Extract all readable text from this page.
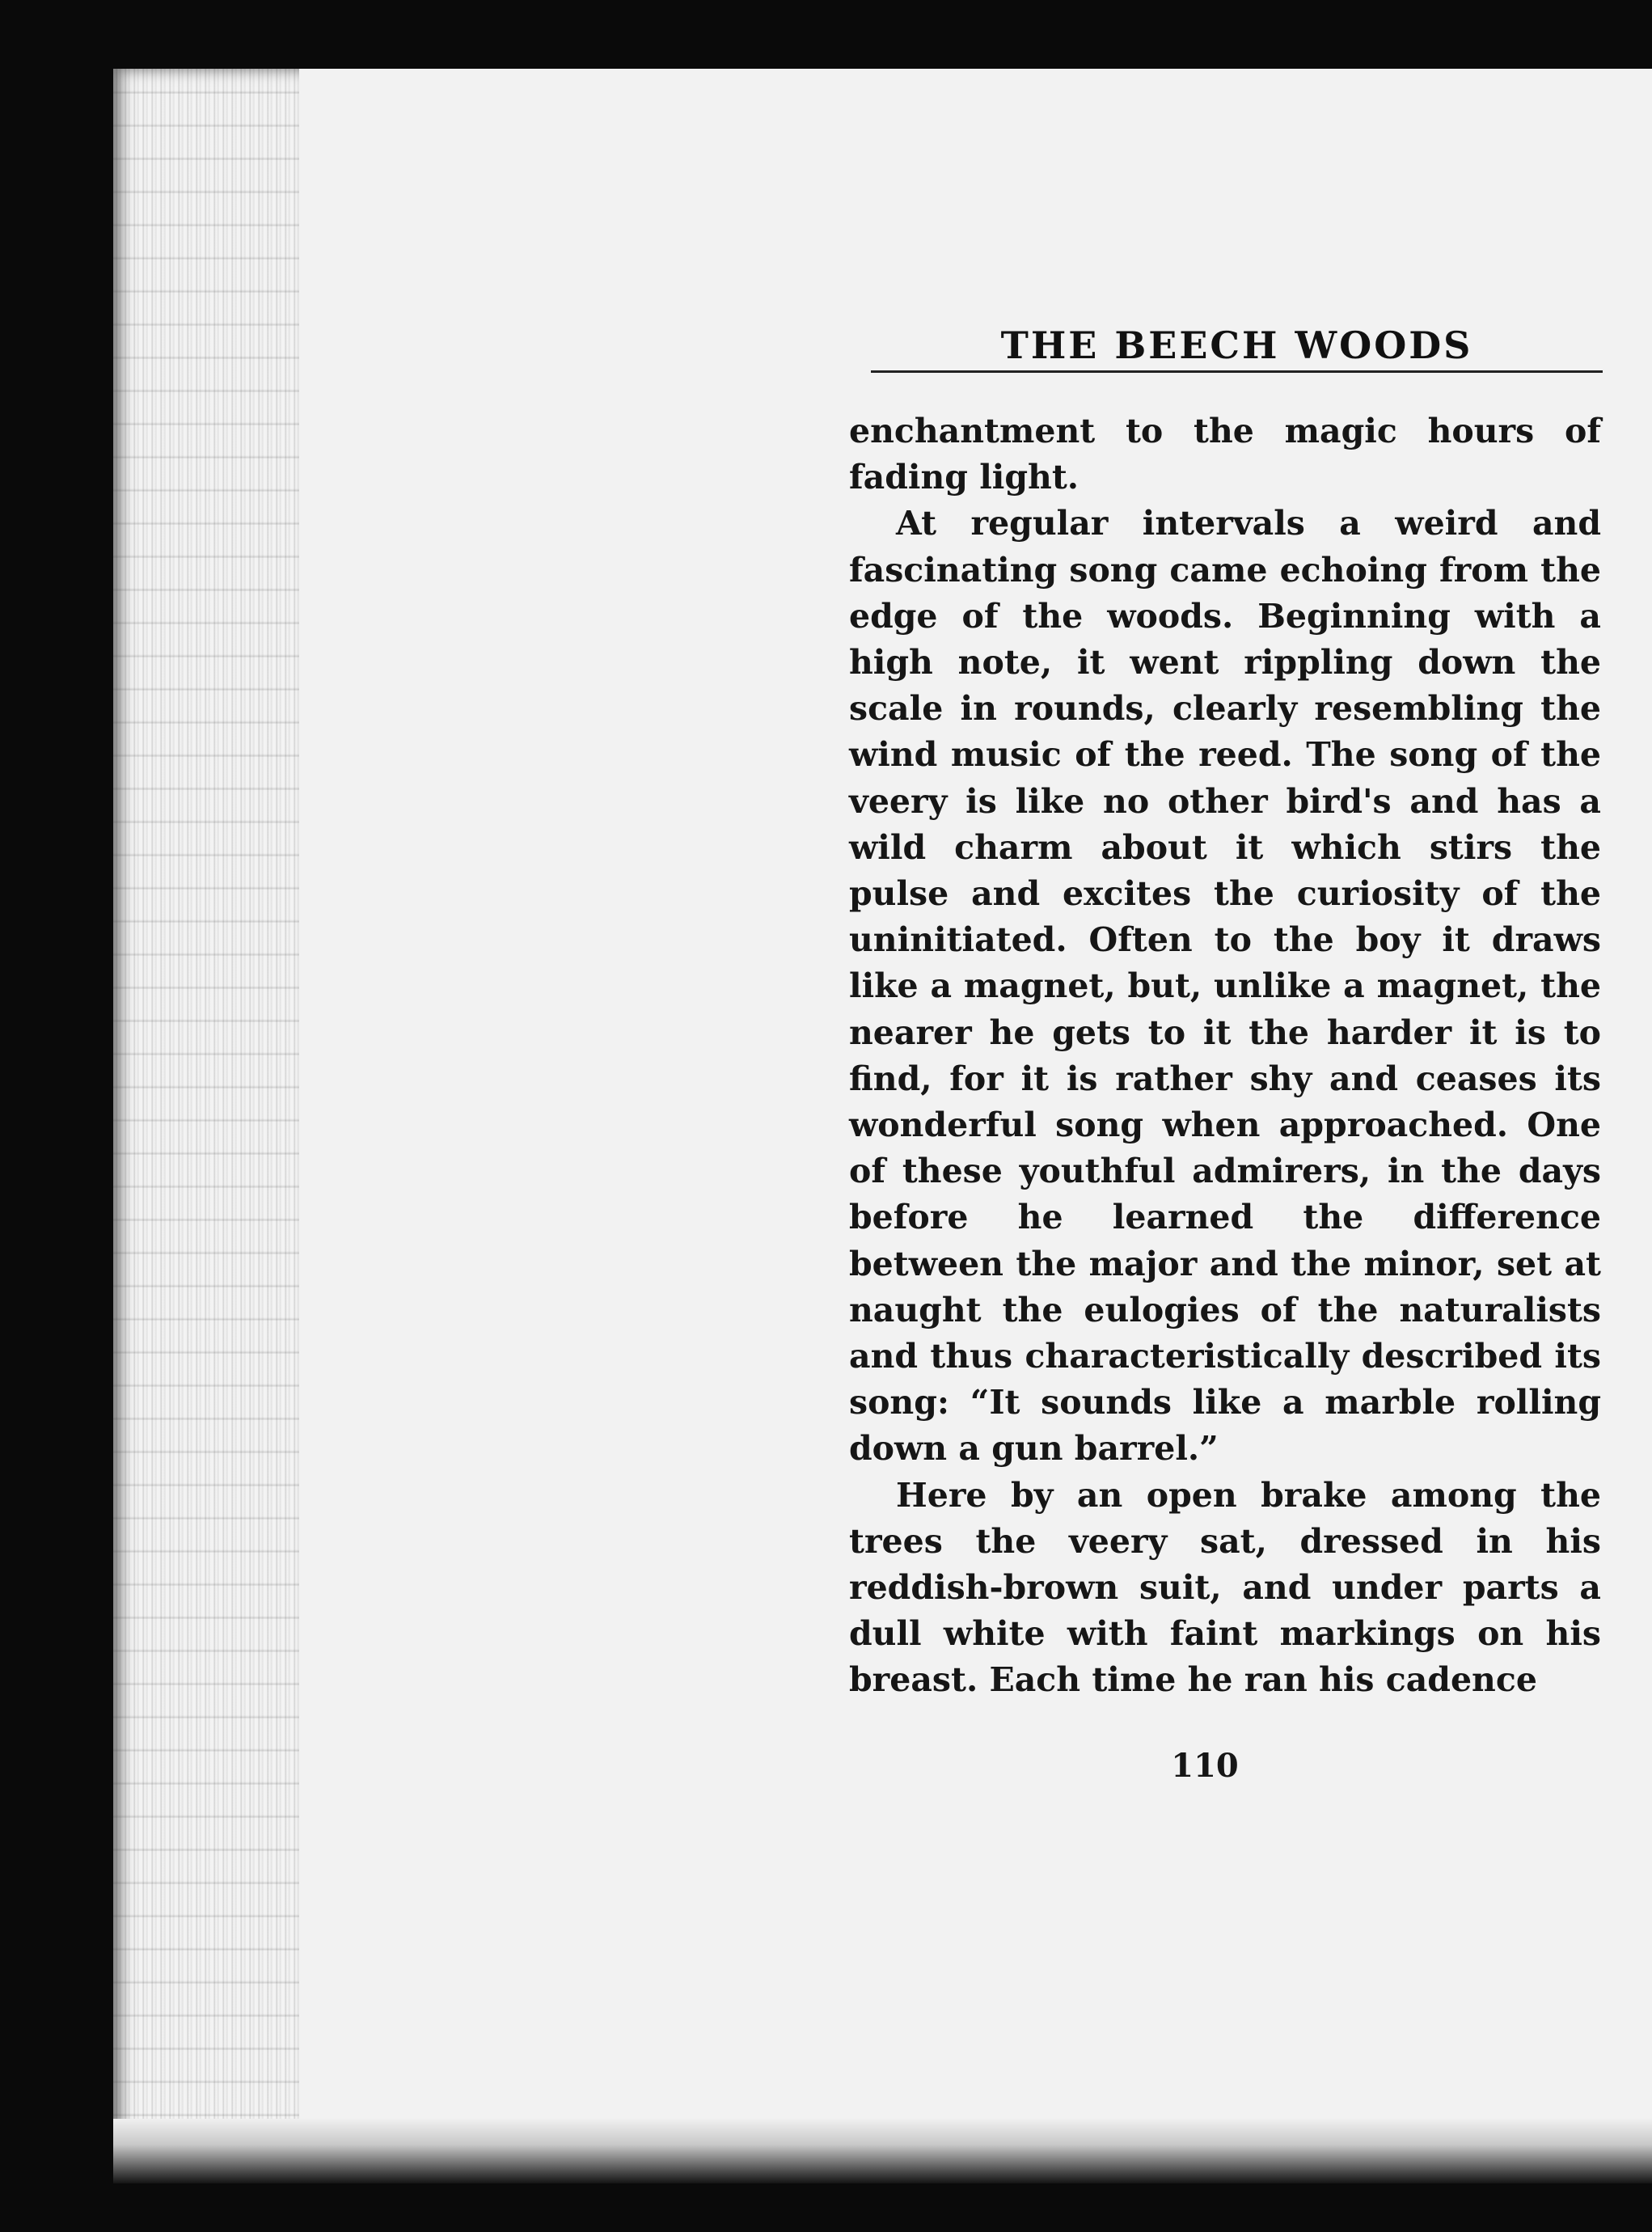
THE BEECH WOODS

enchantment to the magic hours of fading light.

At regular intervals a weird and fascinating song came echoing from the edge of the woods. Beginning with a high note, it went rippling down the scale in rounds, clearly resembling the wind music of the reed. The song of the veery is like no other bird's and has a wild charm about it which stirs the pulse and excites the curiosity of the uninitiated. Often to the boy it draws like a magnet, but, unlike a magnet, the nearer he gets to it the harder it is to find, for it is rather shy and ceases its wonderful song when approached. One of these youthful admirers, in the days before he learned the difference between the major and the minor, set at naught the eulogies of the naturalists and thus characteristically described its song: “It sounds like a marble rolling down a gun barrel.”

Here by an open brake among the trees the veery sat, dressed in his reddish-brown suit, and under parts a dull white with faint markings on his breast. Each time he ran his cadence

110
